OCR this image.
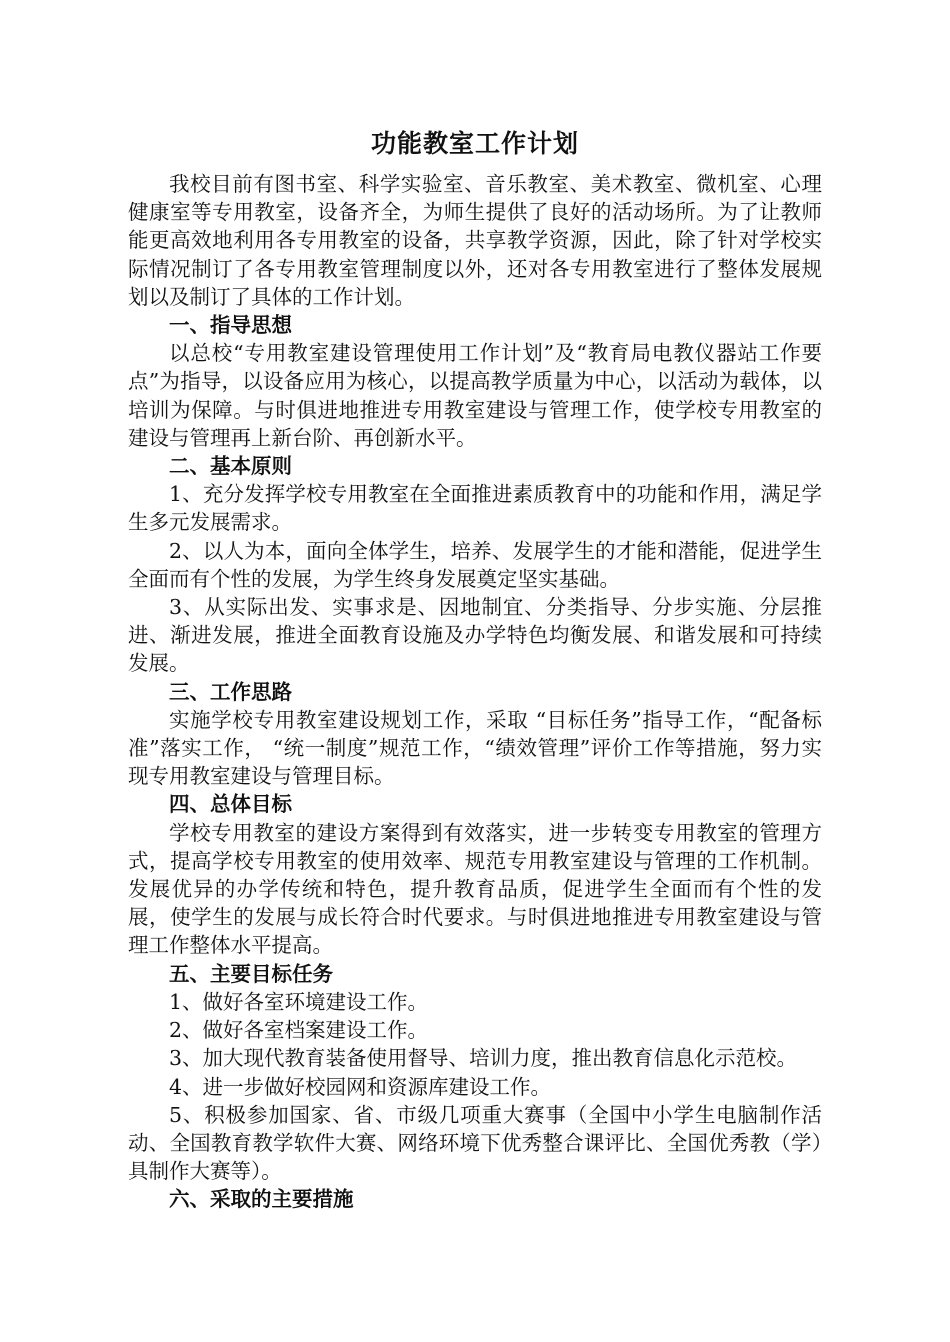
功能教室工作计划

我校目前有图书室、科学实验室、音乐教室、美术教室、微机室、心理健康室等专用教室，设备齐全，为师生提供了良好的活动场所。为了让教师能更高效地利用各专用教室的设备，共享教学资源，因此，除了针对学校实际情况制订了各专用教室管理制度以外，还对各专用教室进行了整体发展规划以及制订了具体的工作计划。

一、指导思想

以总校“专用教室建设管理使用工作计划”及“教育局电教仪器站工作要点”为指导，以设备应用为核心，以提高教学质量为中心，以活动为载体，以培训为保障。与时俱进地推进专用教室建设与管理工作，使学校专用教室的建设与管理再上新台阶、再创新水平。

二、基本原则

1、充分发挥学校专用教室在全面推进素质教育中的功能和作用，满足学生多元发展需求。

2、以人为本，面向全体学生，培养、发展学生的才能和潜能，促进学生全面而有个性的发展，为学生终身发展奠定坚实基础。

3、从实际出发、实事求是、因地制宜、分类指导、分步实施、分层推进、渐进发展，推进全面教育设施及办学特色均衡发展、和谐发展和可持续发展。

三、工作思路

实施学校专用教室建设规划工作，采取 “目标任务”指导工作，“配备标准”落实工作， “统一制度”规范工作，“绩效管理”评价工作等措施，努力实现专用教室建设与管理目标。

四、总体目标

学校专用教室的建设方案得到有效落实，进一步转变专用教室的管理方式，提高学校专用教室的使用效率、规范专用教室建设与管理的工作机制。发展优异的办学传统和特色，提升教育品质，促进学生全面而有个性的发展，使学生的发展与成长符合时代要求。与时俱进地推进专用教室建设与管理工作整体水平提高。

五、主要目标任务

1、做好各室环境建设工作。

2、做好各室档案建设工作。

3、加大现代教育装备使用督导、培训力度，推出教育信息化示范校。

4、进一步做好校园网和资源库建设工作。

5、积极参加国家、省、市级几项重大赛事（全国中小学生电脑制作活动、全国教育教学软件大赛、网络环境下优秀整合课评比、全国优秀教（学）具制作大赛等）。

六、采取的主要措施
